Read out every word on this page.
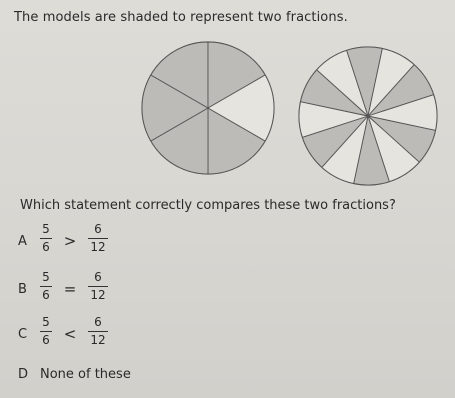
The models are shaded to represent two fractions.
Which statement correctly compares these two fractions?
A
5
6 >
6
12
B
5
6 =
6
12
C
5
6 <
6
12
D None of these
